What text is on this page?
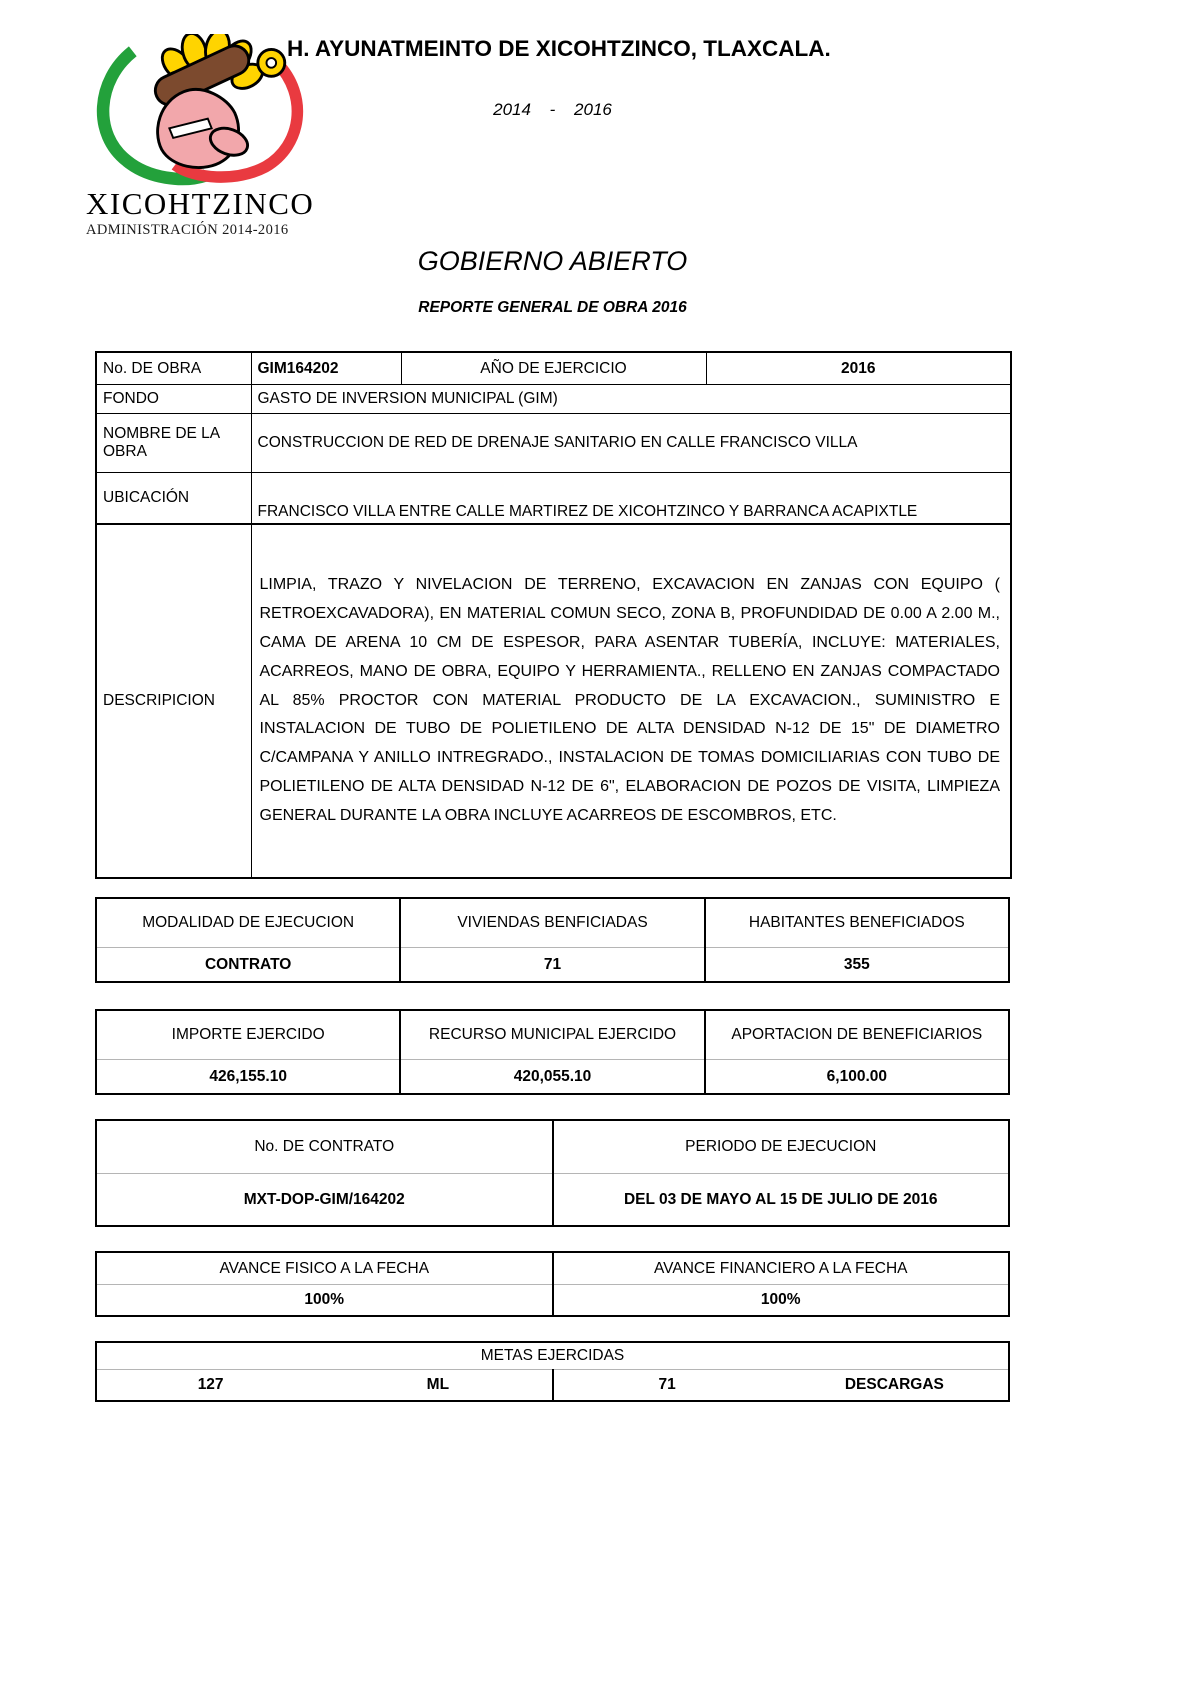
XICOHTZINCO
ADMINISTRACIÓN 2014-2016
H. AYUNATMEINTO DE XICOHTZINCO, TLAXCALA.
2014 - 2016
GOBIERNO ABIERTO
REPORTE GENERAL DE OBRA 2016
No. DE OBRA	GIM164202	AÑO DE EJERCICIO	2016
FONDO	GASTO DE INVERSION MUNICIPAL (GIM)		
NOMBRE DE LA OBRA	CONSTRUCCION DE RED DE DRENAJE SANITARIO EN CALLE FRANCISCO VILLA		
UBICACIÓN	FRANCISCO VILLA ENTRE CALLE MARTIREZ DE XICOHTZINCO Y BARRANCA ACAPIXTLE		
DESCRIPICION	LIMPIA, TRAZO Y NIVELACION DE TERRENO, EXCAVACION EN ZANJAS CON EQUIPO ( RETROEXCAVADORA), EN MATERIAL COMUN SECO, ZONA B, PROFUNDIDAD DE 0.00 A 2.00 M., CAMA DE ARENA 10 CM DE ESPESOR, PARA ASENTAR TUBERÍA, INCLUYE: MATERIALES, ACARREOS, MANO DE OBRA, EQUIPO Y HERRAMIENTA., RELLENO EN ZANJAS COMPACTADO AL 85% PROCTOR CON MATERIAL PRODUCTO DE LA EXCAVACION., SUMINISTRO E INSTALACION DE TUBO DE POLIETILENO DE ALTA DENSIDAD N-12 DE 15" DE DIAMETRO C/CAMPANA Y ANILLO INTREGRADO., INSTALACION DE TOMAS DOMICILIARIAS CON TUBO DE POLIETILENO DE ALTA DENSIDAD N-12 DE 6", ELABORACION DE POZOS DE VISITA, LIMPIEZA GENERAL DURANTE LA OBRA INCLUYE ACARREOS DE ESCOMBROS, ETC.		
MODALIDAD DE EJECUCION	VIVIENDAS BENFICIADAS	HABITANTES BENEFICIADOS
CONTRATO	71	355
IMPORTE EJERCIDO	RECURSO MUNICIPAL EJERCIDO	APORTACION DE BENEFICIARIOS
426,155.10	420,055.10	6,100.00
No. DE CONTRATO	PERIODO DE EJECUCION
MXT-DOP-GIM/164202	DEL 03 DE MAYO AL 15 DE JULIO DE 2016
AVANCE FISICO A LA FECHA	AVANCE FINANCIERO A LA FECHA
100%	100%
METAS EJERCIDAS
127	ML	71	DESCARGAS
